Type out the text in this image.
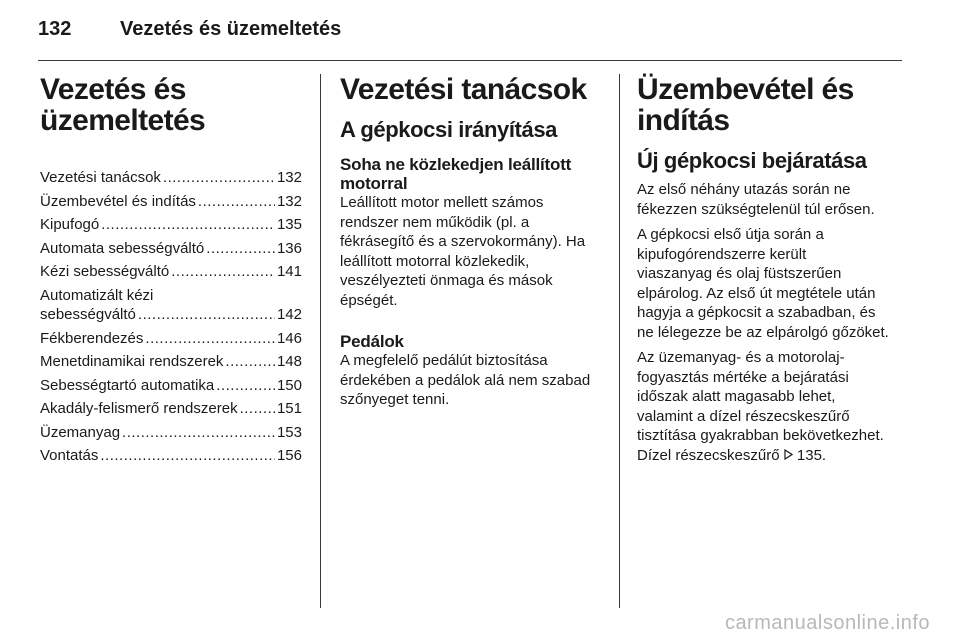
132	Vezetés és üzemeltetés
Vezetés és
üzemeltetés
Vezetési tanácsok .....	132
Üzembevétel és indítás .....	132
Kipufogó .....	135
Automata sebességváltó .....	136
Kézi sebességváltó .....	141
Automatizált kézi
sebességváltó .....	142
Fékberendezés .....	146
Menetdinamikai rendszerek .....	148
Sebességtartó automatika .....	150
Akadály-felismerő rendszerek .....	151
Üzemanyag .....	153
Vontatás .....	156
Vezetési tanácsok
A gépkocsi irányítása
Soha ne közlekedjen leállított
motorral

Leállított motor mellett számos
rendszer nem működik (pl. a
fékrásegítő és a szervokormány). Ha
leállított motorral közlekedik,
veszélyezteti önmaga és mások
épségét.

Pedálok

A megfelelő pedálút biztosítása
érdekében a pedálok alá nem szabad
szőnyeget tenni.

Üzembevétel és indítás
Új gépkocsi bejáratása

Az első néhány utazás során ne
fékezzen szükségtelenül túl erősen.

A gépkocsi első útja során a
kipufogórendszerre került
viaszanyag és olaj füstszerűen
elpárolog. Az első út megtétele után
hagyja a gépkocsit a szabadban, és
ne lélegezze be az elpárolgó gőzöket.

Az üzemanyag- és a motorolaj-
fogyasztás mértéke a bejáratási
időszak alatt magasabb lehet,
valamint a dízel részecskeszűrő
tisztítása gyakrabban bekövetkezhet.
Dízel részecskeszűrő 135.

carmanualsonline.info
